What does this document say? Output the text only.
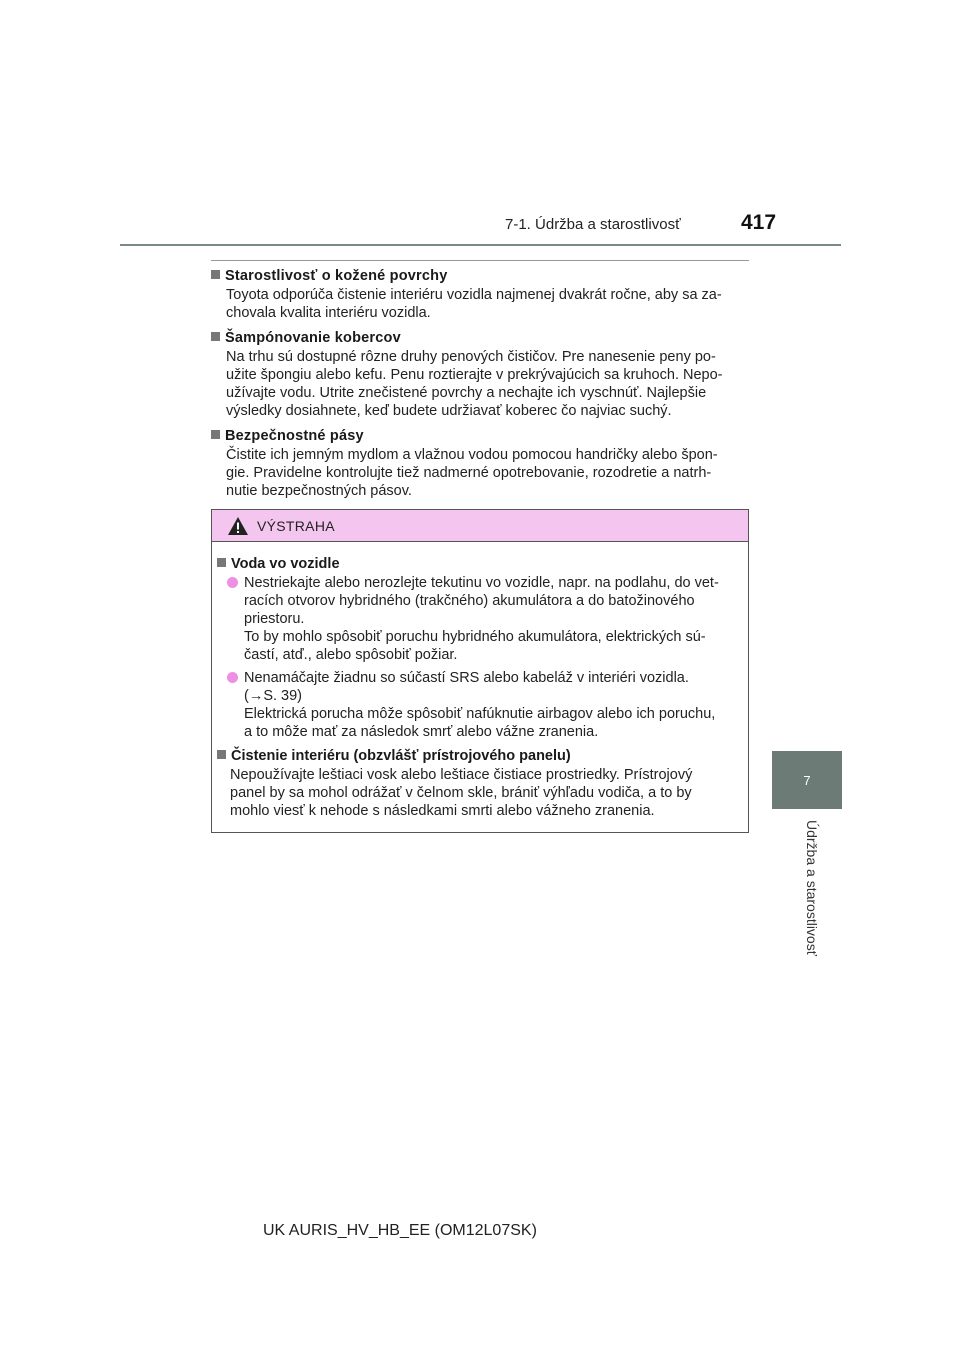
7-1. Údržba a starostlivosť	417
7
Údržba a starostlivosť
Starostlivosť o kožené povrchy
Toyota odporúča čistenie interiéru vozidla najmenej dvakrát ročne, aby sa za-
chovala kvalita interiéru vozidla.
Šampónovanie kobercov
Na trhu sú dostupné rôzne druhy penových čističov. Pre nanesenie peny po-
užite špongiu alebo kefu. Penu roztierajte v prekrývajúcich sa kruhoch. Nepo-
užívajte vodu. Utrite znečistené povrchy a nechajte ich vyschnúť. Najlepšie
výsledky dosiahnete, keď budete udržiavať koberec čo najviac suchý.
Bezpečnostné pásy
Čistite ich jemným mydlom a vlažnou vodou pomocou handričky alebo špon-
gie. Pravidelne kontrolujte tiež nadmerné opotrebovanie, rozodretie a natrh-
nutie bezpečnostných pásov.
VÝSTRAHA
Voda vo vozidle
Nestriekajte alebo nerozlejte tekutinu vo vozidle, napr. na podlahu, do vet-
racích otvorov hybridného (trakčného) akumulátora a do batožinového
priestoru.
To by mohlo spôsobiť poruchu hybridného akumulátora, elektrických sú-
častí, atď., alebo spôsobiť požiar.
Nenamáčajte žiadnu so súčastí SRS alebo kabeláž v interiéri vozidla.
(→S. 39)
Elektrická porucha môže spôsobiť nafúknutie airbagov alebo ich poruchu,
a to môže mať za následok smrť alebo vážne zranenia.
Čistenie interiéru (obzvlášť prístrojového panelu)
Nepoužívajte leštiaci vosk alebo leštiace čistiace prostriedky. Prístrojový
panel by sa mohol odrážať v čelnom skle, brániť výhľadu vodiča, a to by
mohlo viesť k nehode s následkami smrti alebo vážneho zranenia.
UK AURIS_HV_HB_EE (OM12L07SK)
